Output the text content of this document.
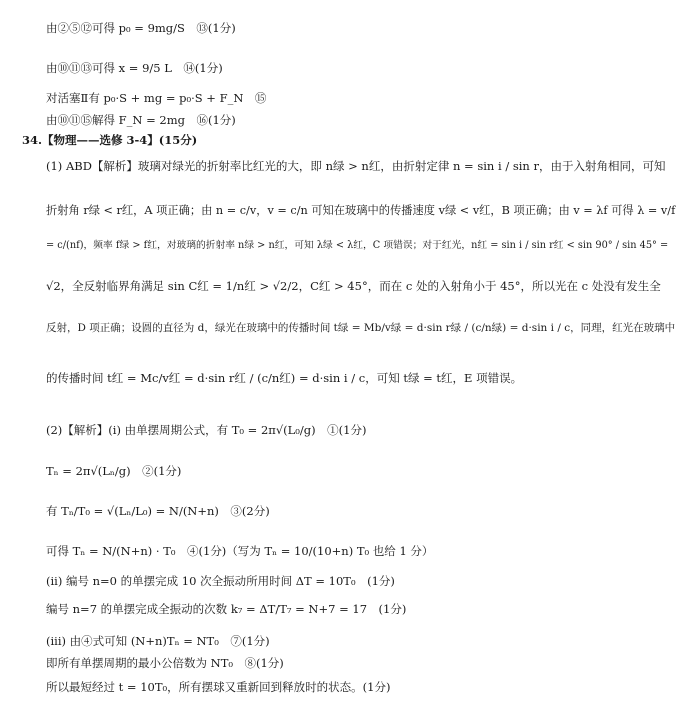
由②⑤⑫可得 p₀ = 9mg/S　⑬(1分)
由⑩⑪⑬可得 x = 9/5 L　⑭(1分)
对活塞Ⅱ有 p₀·S + mg = p₀·S + F_N　⑮
由⑩⑪⑮解得 F_N = 2mg　⑯(1分)
34.【物理——选修 3-4】(15分)
(1) ABD【解析】玻璃对绿光的折射率比红光的大，即 n绿 > n红，由折射定律 n = sin i / sin r，由于入射角相同，可知
折射角 r绿 < r红，A 项正确；由 n = c/v，v = c/n 可知在玻璃中的传播速度 v绿 < v红，B 项正确；由 v = λf 可得 λ = v/f
= c/(nf)，频率 f绿 > f红，对玻璃的折射率 n绿 > n红，可知 λ绿 < λ红，C 项错误；对于红光，n红 = sin i / sin r红 < sin 90° / sin 45° =
√2，全反射临界角满足 sin C红 = 1/n红 > √2/2，C红 > 45°，而在 c 处的入射角小于 45°，所以光在 c 处没有发生全
反射，D 项正确；设圆的直径为 d，绿光在玻璃中的传播时间 t绿 = Mb/v绿 = d·sin r绿 / (c/n绿) = d·sin i / c，同理，红光在玻璃中
的传播时间 t红 = Mc/v红 = d·sin r红 / (c/n红) = d·sin i / c，可知 t绿 = t红，E 项错误。
(2)【解析】(i) 由单摆周期公式，有 T₀ = 2π√(L₀/g)　①(1分)
Tₙ = 2π√(Lₙ/g)　②(1分)
有 Tₙ/T₀ = √(Lₙ/L₀) = N/(N+n)　③(2分)
可得 Tₙ = N/(N+n) · T₀　④(1分)（写为 Tₙ = 10/(10+n) T₀ 也给 1 分）
(ii) 编号 n=0 的单摆完成 10 次全振动所用时间 ΔT = 10T₀　(1分)
编号 n=7 的单摆完成全振动的次数 k₇ = ΔT/T₇ = N+7 = 17　(1分)
(iii) 由④式可知 (N+n)Tₙ = NT₀　⑦(1分)
即所有单摆周期的最小公倍数为 NT₀　⑧(1分)
所以最短经过 t = 10T₀，所有摆球又重新回到释放时的状态。(1分)
